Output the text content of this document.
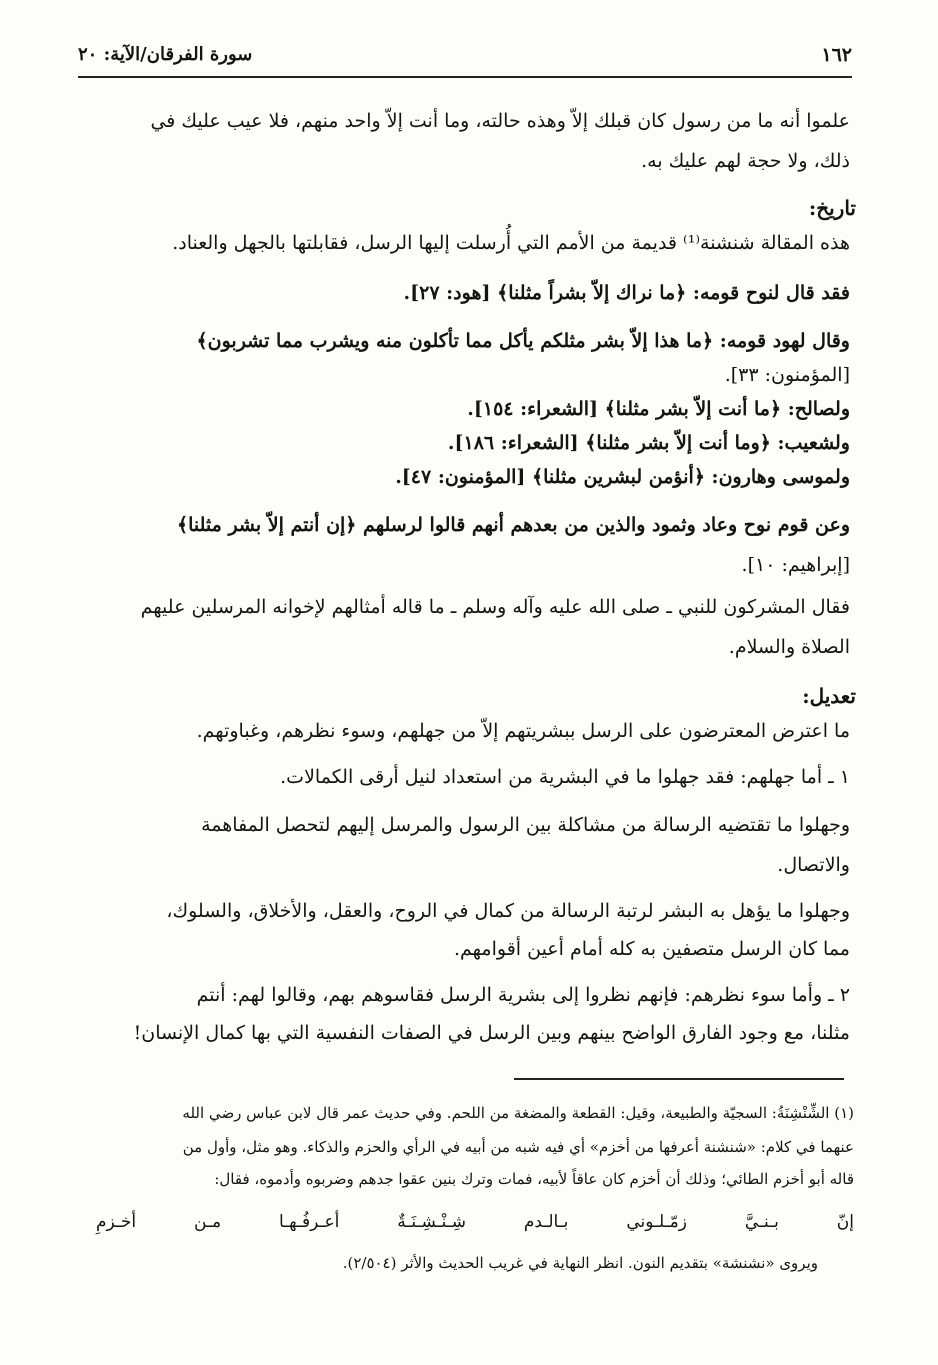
١٦٢
سورة الفرقان/الآية: ٢٠
علموا أنه ما من رسول كان قبلك إلاّ وهذه حالته، وما أنت إلاّ واحد منهم، فلا عيب عليك في
ذلك، ولا حجة لهم عليك به.
تاريخ:
هذه المقالة شنشنة⁽¹⁾ قديمة من الأمم التي أُرسلت إليها الرسل، فقابلتها بالجهل والعناد.
فقد قال لنوح قومه: ﴿ما نراك إلاّ بشراً مثلنا﴾ [هود: ٢٧].
وقال لهود قومه: ﴿ما هذا إلاّ بشر مثلكم يأكل مما تأكلون منه ويشرب مما تشربون﴾
[المؤمنون: ٣٣].
ولصالح: ﴿ما أنت إلاّ بشر مثلنا﴾ [الشعراء: ١٥٤].
ولشعيب: ﴿وما أنت إلاّ بشر مثلنا﴾ [الشعراء: ١٨٦].
ولموسى وهارون: ﴿أنؤمن لبشرين مثلنا﴾ [المؤمنون: ٤٧].
وعن قوم نوح وعاد وثمود والذين من بعدهم أنهم قالوا لرسلهم ﴿إن أنتم إلاّ بشر مثلنا﴾
[إبراهيم: ١٠].
فقال المشركون للنبي ـ صلى الله عليه وآله وسلم ـ ما قاله أمثالهم لإخوانه المرسلين عليهم
الصلاة والسلام.
تعديل:
ما اعترض المعترضون على الرسل ببشريتهم إلاّ من جهلهم، وسوء نظرهم، وغباوتهم.
١ ـ أما جهلهم: فقد جهلوا ما في البشرية من استعداد لنيل أرقى الكمالات.
وجهلوا ما تقتضيه الرسالة من مشاكلة بين الرسول والمرسل إليهم لتحصل المفاهمة
والاتصال.
وجهلوا ما يؤهل به البشر لرتبة الرسالة من كمال في الروح، والعقل، والأخلاق، والسلوك،
مما كان الرسل متصفين به كله أمام أعين أقوامهم.
٢ ـ وأما سوء نظرهم: فإنهم نظروا إلى بشرية الرسل فقاسوهم بهم، وقالوا لهم: أنتم
مثلنا، مع وجود الفارق الواضح بينهم وبين الرسل في الصفات النفسية التي بها كمال الإنسان!
(١) الشِّنْشِنَةُ: السجيّة والطبيعة، وقيل: القطعة والمضغة من اللحم. وفي حديث عمر قال لابن عباس رضي الله
عنهما في كلام: «شنشنة أعرفها من أخزم» أي فيه شبه من أبيه في الرأي والحزم والذكاء. وهو مثل، وأول من
قاله أبو أخزم الطائي؛ وذلك أن أخزم كان عاقاً لأبيه، فمات وترك بنين عقوا جدهم وضربوه وأدموه، فقال:
إنّ
بـنـيَّ
زمّـلـوني
بـالـدم
شِـنْـشِـنَـةٌ
أعـرفُـهـا
مـن
أخـزمِ
ويروى «نشنشة» بتقديم النون. انظر النهاية في غريب الحديث والأثر (٢/٥٠٤).
